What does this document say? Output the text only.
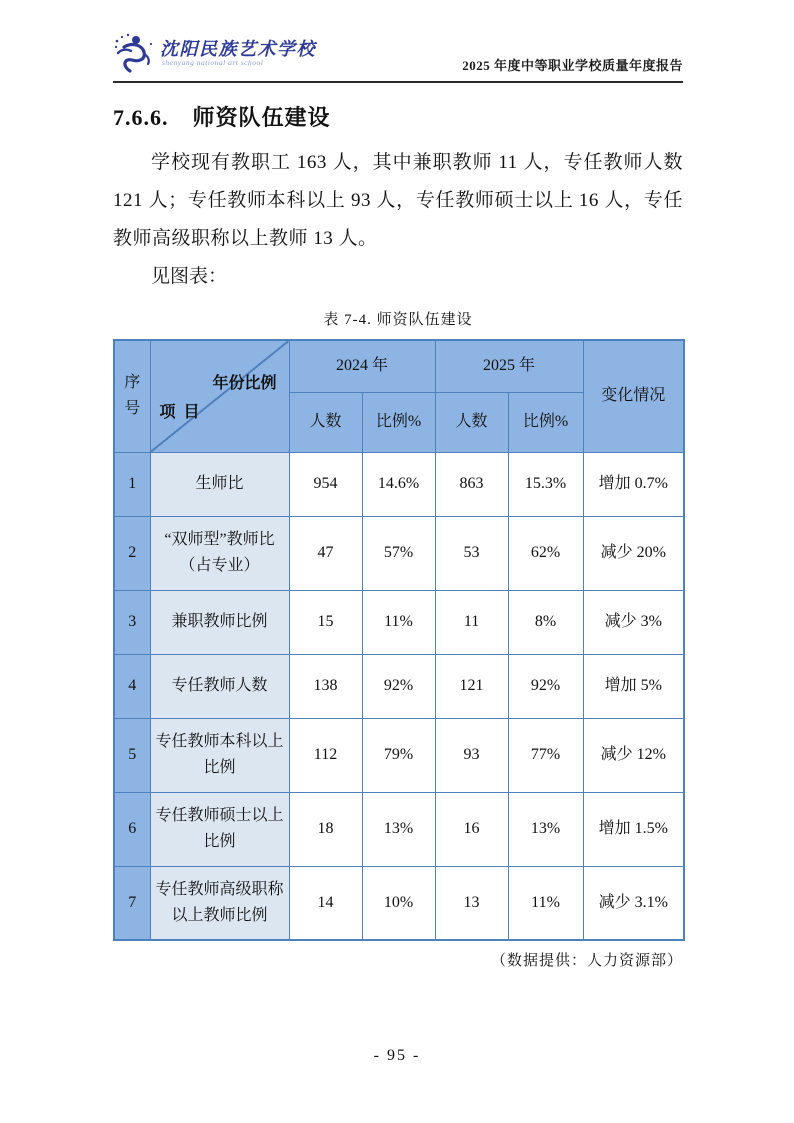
沈阳民族艺术学校
shenyang national art school	2025 年度中等职业学校质量年度报告
7.6.6. 师资队伍建设

学校现有教职工 163 人，其中兼职教师 11 人，专任教师人数 121 人；专任教师本科以上 93 人，专任教师硕士以上 16 人，专任教师高级职称以上教师 13 人。

见图表：

表 7-4. 师资队伍建设
序号	年份比例
项 目	2024 年		2025 年		变化情况
		人数	比例%	人数	比例%	
1	生师比	954	14.6%	863	15.3%	增加 0.7%
2	“双师型”教师比（占专业）	47	57%	53	62%	减少 20%
3	兼职教师比例	15	11%	11	8%	减少 3%
4	专任教师人数	138	92%	121	92%	增加 5%
5	专任教师本科以上比例	112	79%	93	77%	减少 12%
6	专任教师硕士以上比例	18	13%	16	13%	增加 1.5%
7	专任教师高级职称以上教师比例	14	10%	13	11%	减少 3.1%
（数据提供：人力资源部）
- 95 -
